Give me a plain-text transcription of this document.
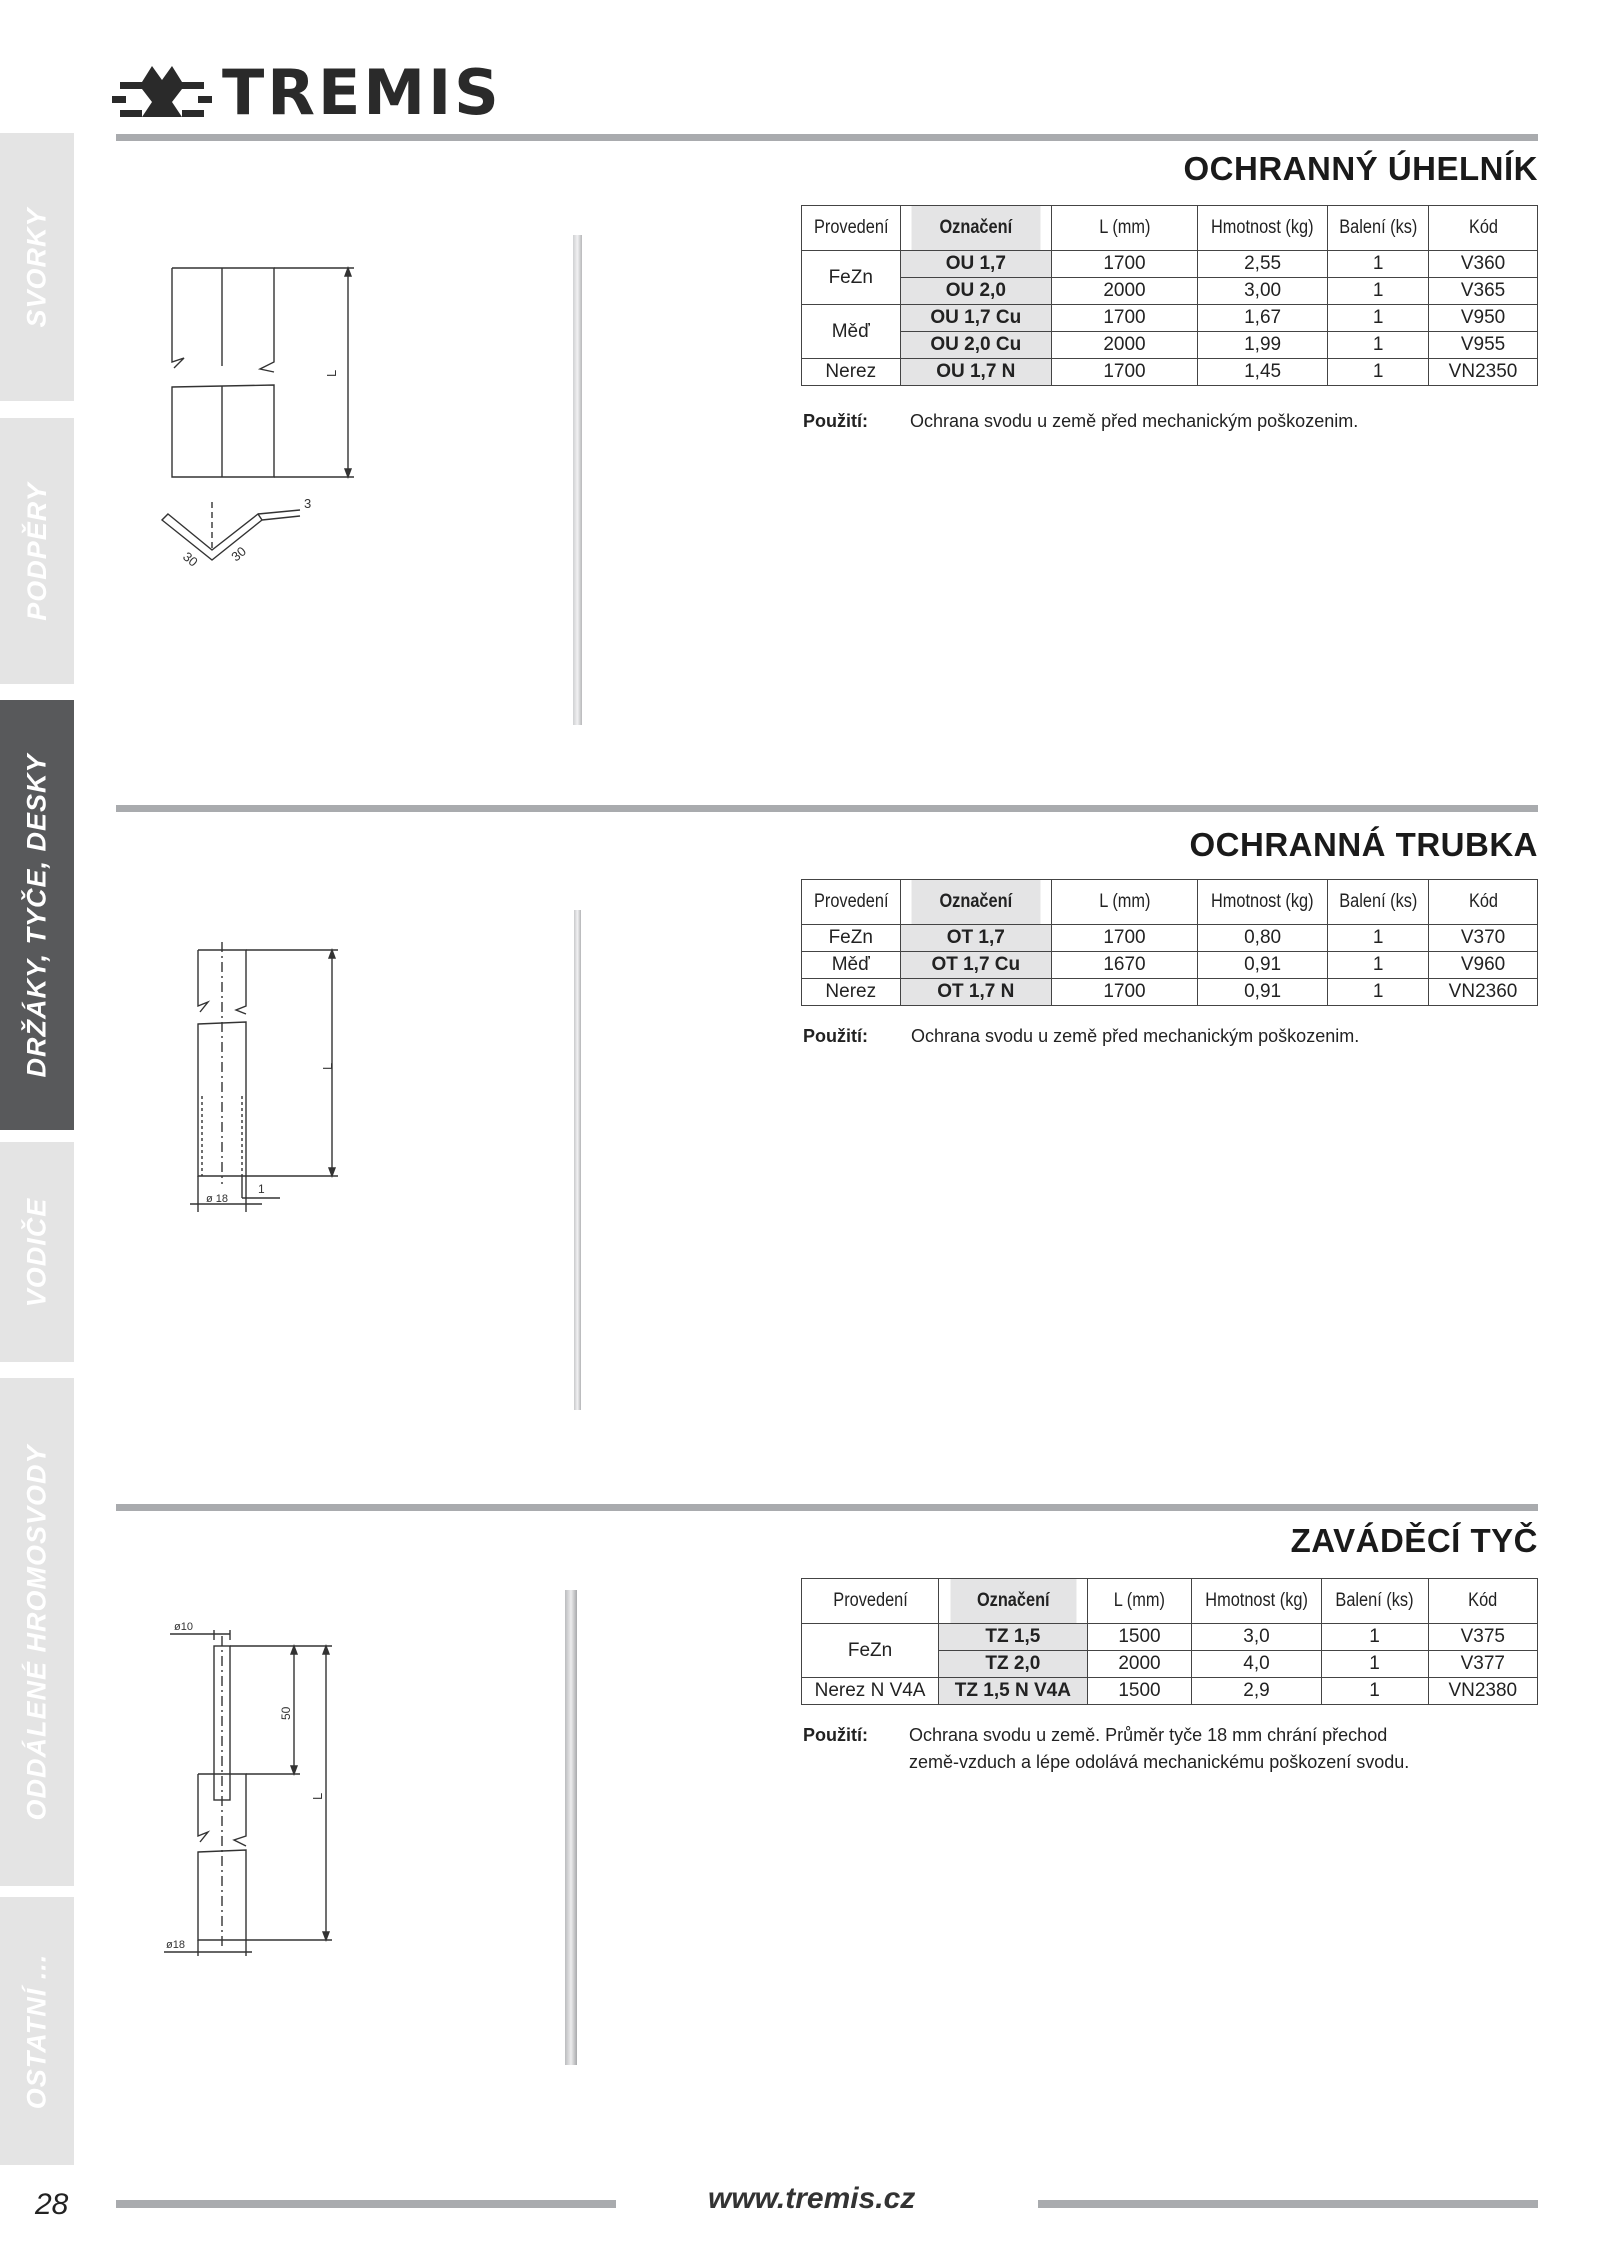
TREMIS
SVORKY
PODPĚRY
DRŽÁKY, TYČE, DESKY
VODIČE
ODDÁLENÉ HROMOSVODY
OSTATNÍ ...
OCHRANNÝ ÚHELNÍK
L
3
30 30
Provedení	Označení	L (mm)	Hmotnost (kg)	Balení (ks)	Kód
FeZn	OU 1,7	1700	2,55	1	V360
	OU 2,0	2000	3,00	1	V365
Měď	OU 1,7 Cu	1700	1,67	1	V950
	OU 2,0 Cu	2000	1,99	1	V955
Nerez	OU 1,7 N	1700	1,45	1	VN2350
Použití: Ochrana svodu u země před mechanickým poškozenim.
OCHRANNÁ TRUBKA
L
ø 18
1
Provedení	Označení	L (mm)	Hmotnost (kg)	Balení (ks)	Kód
FeZn	OT 1,7	1700	0,80	1	V370
Měď	OT 1,7 Cu	1670	0,91	1	V960
Nerez	OT 1,7 N	1700	0,91	1	VN2360
Použití: Ochrana svodu u země před mechanickým poškozenim.
ZAVÁDĚCÍ TYČ
ø10
50
L
ø18
Provedení	Označení	L (mm)	Hmotnost (kg)	Balení (ks)	Kód
FeZn	TZ 1,5	1500	3,0	1	V375
	TZ 2,0	2000	4,0	1	V377
Nerez N V4A	TZ 1,5 N V4A	1500	2,9	1	VN2380
Použití:	Ochrana svodu u země. Průměr tyče 18 mm chrání přechod
země-vzduch a lépe odolává mechanickému poškození svodu.
28	www.tremis.cz
